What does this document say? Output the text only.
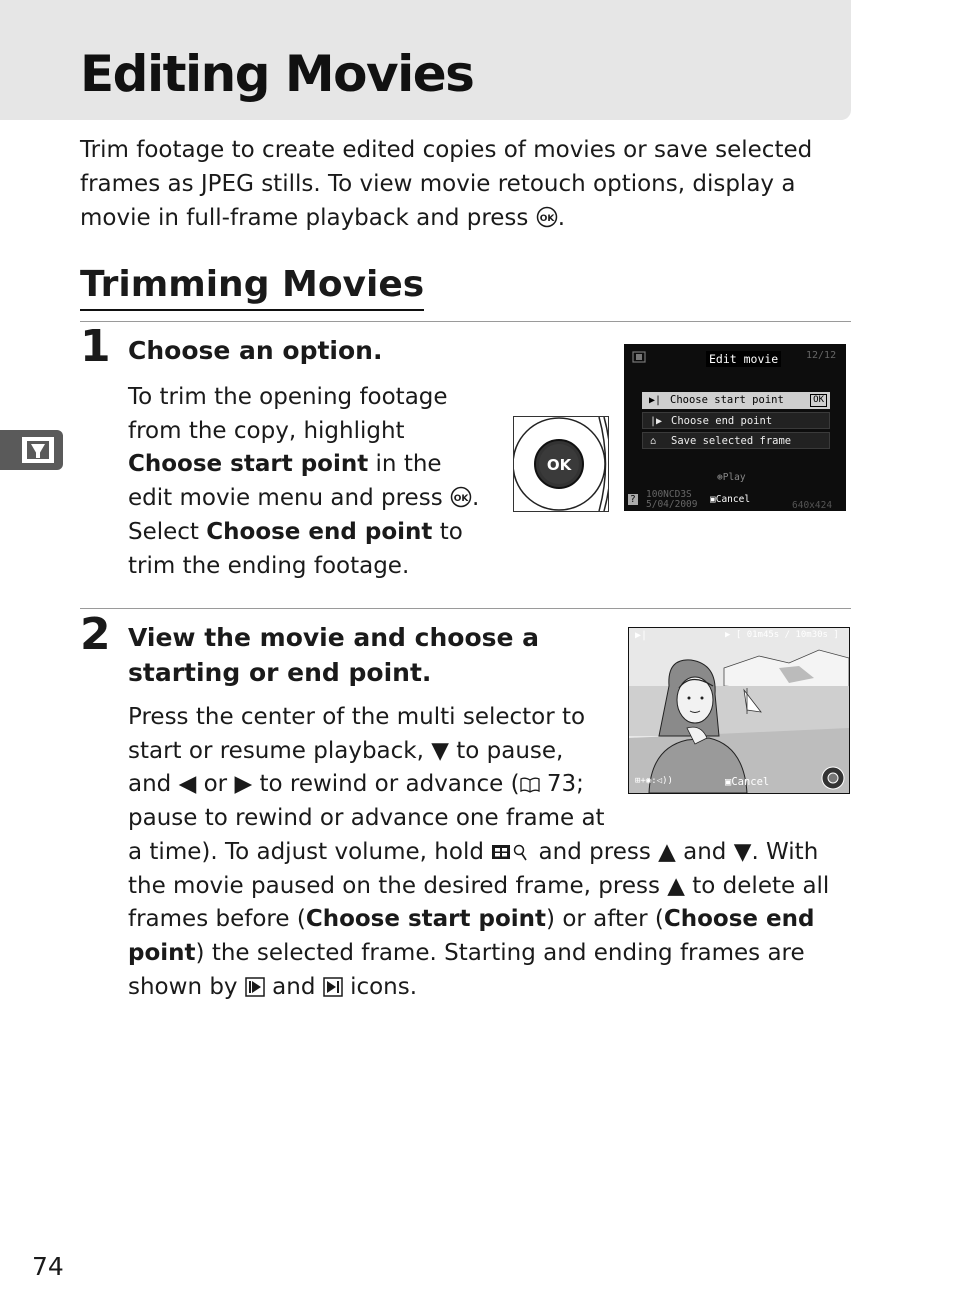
Editing Movies

Trim footage to create edited copies of movies or save selected frames as JPEG stills. To view movie retouch options, display a movie in full-frame playback and press OK .

Trimming Movies
1 Choose an option.

To trim the opening footage from the copy, highlight Choose start point in the edit movie menu and press OK . Select Choose end point to trim the ending footage.

OK
Edit movie	12/12
▶| Choose start point	OK
|▶ Choose end point
⌂ Save selected frame
⊛Play
? 100NCD3S
5/04/2009 ▣Cancel
640x424
2 View the movie and choose a
starting or end point.
▶|	▶ [ 01m45s / 10m30s ]
⊞+◉:◁))	▣Cancel

Press the center of the multi selector to start or resume playback, ▼ to pause, and ◀ or ▶ to rewind or advance ( 73; pause to rewind or advance one frame at a time). To adjust volume, hold  and press ▲ and ▼. With the movie paused on the desired frame, press ▲ to delete all frames before (Choose start point) or after (Choose end point) the selected frame. Starting and ending frames are shown by  and  icons.

74
